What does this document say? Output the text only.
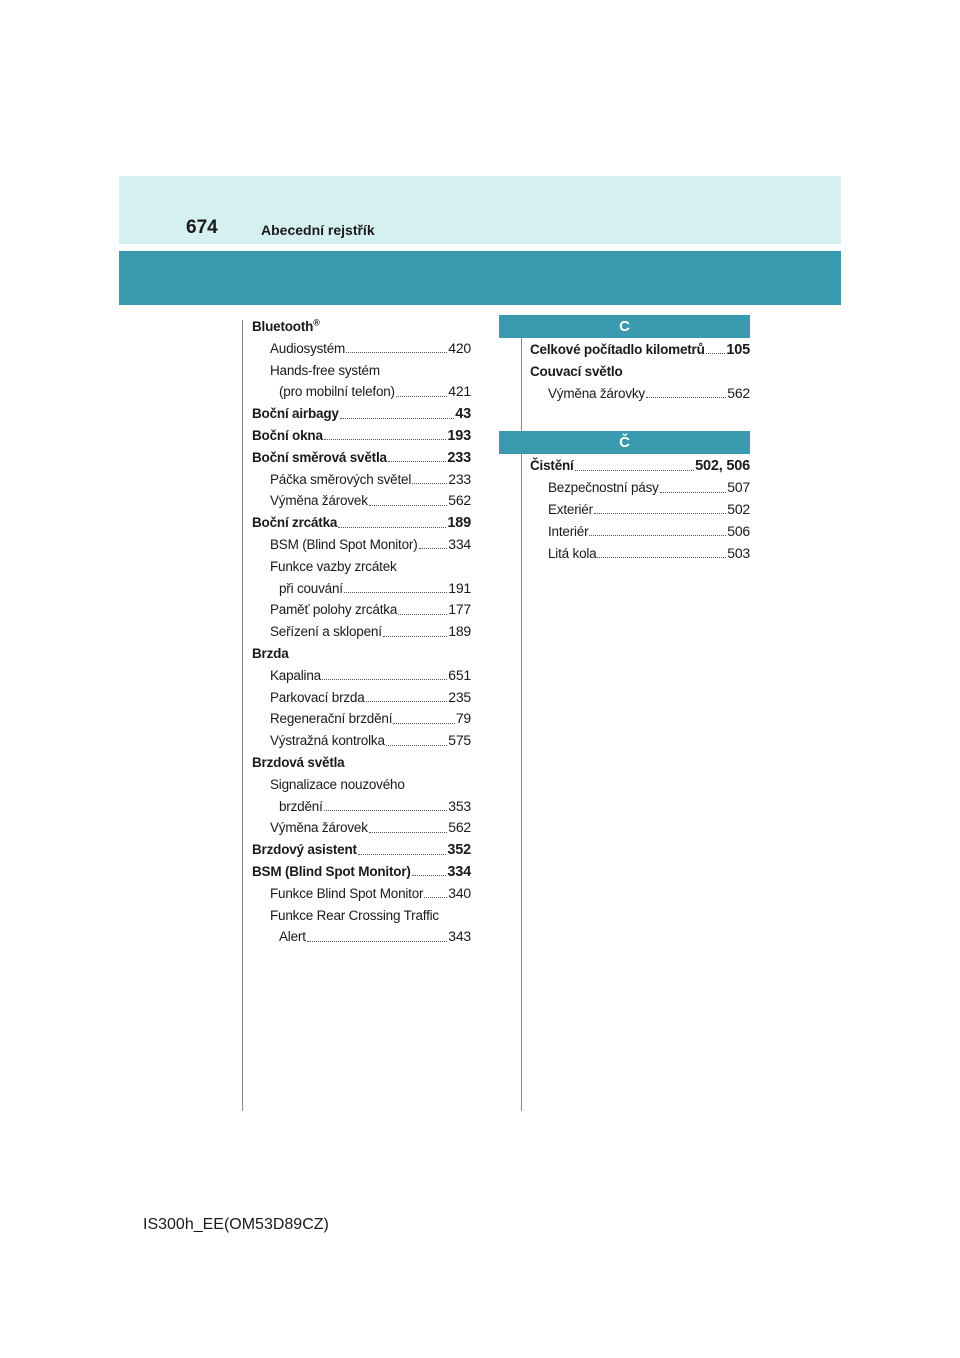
674	Abecední rejstřík
Bluetooth®
Audiosystém	420
Hands-free systém
(pro mobilní telefon)	421
Boční airbagy	43
Boční okna	193
Boční směrová světla	233
Páčka směrových světel	233
Výměna žárovek	562
Boční zrcátka	189
BSM (Blind Spot Monitor) 334
Funkce vazby zrcátek
při couvání	191
Paměť polohy zrcátka	177
Seřízení a sklopení	189
Brzda
Kapalina	651
Parkovací brzda	235
Regenerační brzdění	79
Výstražná kontrolka	575
Brzdová světla
Signalizace nouzového
brzdění	353
Výměna žárovek	562
Brzdový asistent	352
BSM (Blind Spot Monitor)	334
Funkce Blind Spot Monitor 340
Funkce Rear Crossing Traffic
Alert	343
C
Celkové počítadlo kilometrů 105
Couvací světlo
Výměna žárovky	562
Č
Čistění	502, 506
Bezpečnostní pásy	507
Exteriér	502
Interiér	506
Litá kola	503
IS300h_EE(OM53D89CZ)
